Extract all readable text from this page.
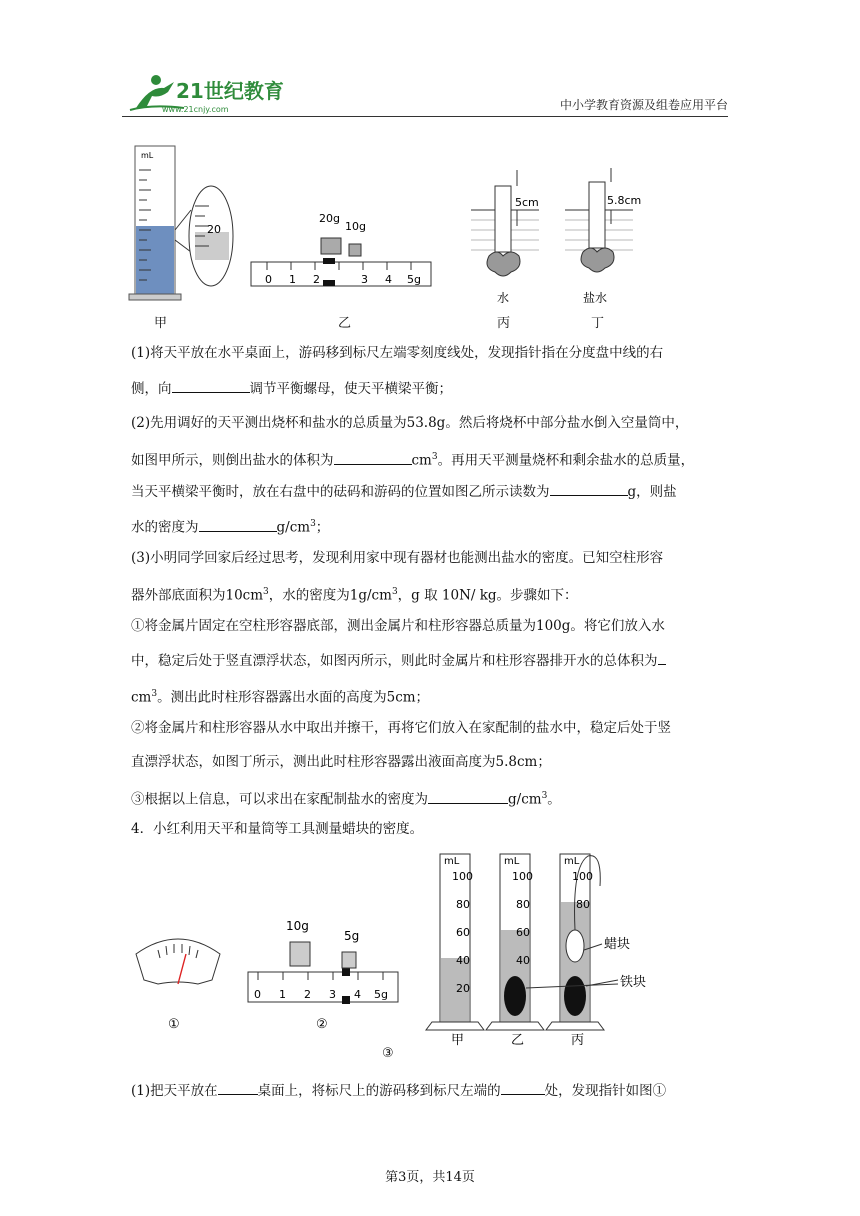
21世纪教育
www.21cnjy.com	中小学教育资源及组卷应用平台
mL
20
20g
10g
0 1 2	3 4 5g
5cm
水
5.8cm
盐水
甲	乙	丙	丁
(1)将天平放在水平桌面上，游码移到标尺左端零刻度线处，发现指针指在分度盘中线的右
侧，向	调节平衡螺母，使天平横梁平衡；
(2)先用调好的天平测出烧杯和盐水的总质量为53.8g。然后将烧杯中部分盐水倒入空量筒中，
如图甲所示，则倒出盐水的体积为	$cm^3$。再用天平测量烧杯和剩余盐水的总质量，
当天平横梁平衡时，放在右盘中的砝码和游码的位置如图乙所示读数为	g，则盐
水的密度为	$g/cm^3$；
(3)小明同学回家后经过思考，发现利用家中现有器材也能测出盐水的密度。已知空柱形容
器外部底面积为$10cm^3$，水的密度为$1g/cm^3$，g 取 10N/ kg。步骤如下：
①将金属片固定在空柱形容器底部，测出金属片和柱形容器总质量为100g。将它们放入水
中，稳定后处于竖直漂浮状态，如图丙所示，则此时金属片和柱形容器排开水的总体积为
$cm^3$。测出此时柱形容器露出水面的高度为5cm；
②将金属片和柱形容器从水中取出并擦干，再将它们放入在家配制的盐水中，稳定后处于竖
直漂浮状态，如图丁所示，测出此时柱形容器露出液面高度为5.8cm；
③根据以上信息，可以求出在家配制盐水的密度为	$g/cm^3$。
4．小红利用天平和量筒等工具测量蜡块的密度。
①
10g
5g
0 1 2 3 4 5g
②
mL
100
80
60
40
20
mL
100
80
60
40
mL
100
80
蜡块
铁块
甲	乙	丙
③
(1)把天平放在	桌面上，将标尺上的游码移到标尺左端的	处，发现指针如图①
第3页，共14页
